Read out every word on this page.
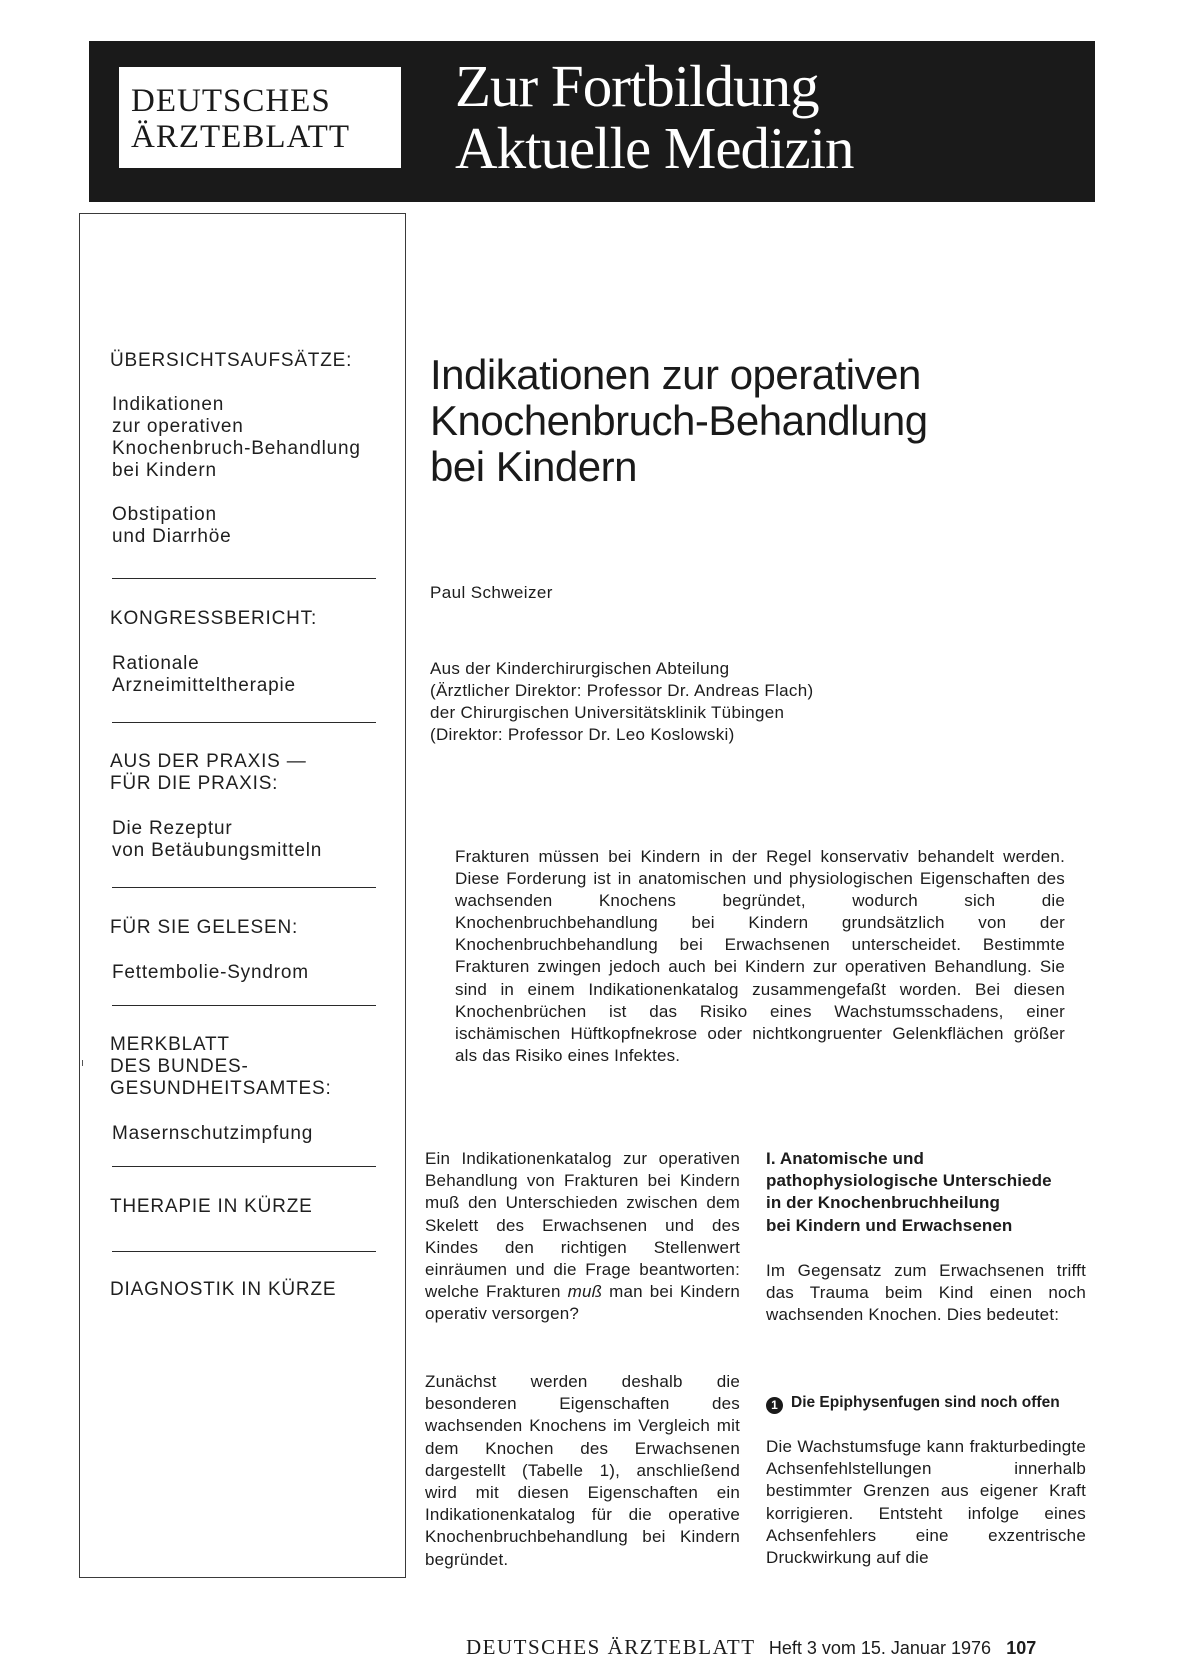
DEUTSCHES
ÄRZTEBLATT
Zur Fortbildung
Aktuelle Medizin
ÜBERSICHTSAUFSÄTZE:
Indikationen
zur operativen
Knochenbruch-Behandlung
bei Kindern
Obstipation
und Diarrhöe
KONGRESSBERICHT:
Rationale
Arzneimitteltherapie
AUS DER PRAXIS —
FÜR DIE PRAXIS:
Die Rezeptur
von Betäubungsmitteln
FÜR SIE GELESEN:
Fettembolie-Syndrom
MERKBLATT
DES BUNDES-
GESUNDHEITSAMTES:
Masernschutzimpfung
THERAPIE IN KÜRZE
DIAGNOSTIK IN KÜRZE
Indikationen zur operativen
Knochenbruch-Behandlung
bei Kindern
Paul Schweizer
Aus der Kinderchirurgischen Abteilung
(Ärztlicher Direktor: Professor Dr. Andreas Flach)
der Chirurgischen Universitätsklinik Tübingen
(Direktor: Professor Dr. Leo Koslowski)
Frakturen müssen bei Kindern in der Regel konservativ behandelt werden. Diese Forderung ist in anatomischen und physiologischen Eigenschaften des wachsenden Knochens begründet, wodurch sich die Knochenbruchbehandlung bei Kindern grundsätzlich von der Knochenbruchbehandlung bei Erwachsenen unterscheidet. Bestimmte Frakturen zwingen jedoch auch bei Kindern zur operativen Behandlung. Sie sind in einem Indikationenkatalog zusammengefaßt worden. Bei diesen Knochenbrüchen ist das Risiko eines Wachstumsschadens, einer ischämischen Hüftkopfnekrose oder nichtkongruenter Gelenkflächen größer als das Risiko eines Infektes.
Ein Indikationenkatalog zur operativen Behandlung von Frakturen bei Kindern muß den Unterschieden zwischen dem Skelett des Erwachsenen und des Kindes den richtigen Stellenwert einräumen und die Frage beantworten: welche Frakturen muß man bei Kindern operativ versorgen?
Zunächst werden deshalb die besonderen Eigenschaften des wachsenden Knochens im Vergleich mit dem Knochen des Erwachsenen dargestellt (Tabelle 1), anschließend wird mit diesen Eigenschaften ein Indikationenkatalog für die operative Knochenbruchbehandlung bei Kindern begründet.
I. Anatomische und
pathophysiologische Unterschiede
in der Knochenbruchheilung
bei Kindern und Erwachsenen
Im Gegensatz zum Erwachsenen trifft das Trauma beim Kind einen noch wachsenden Knochen. Dies bedeutet:
1 Die Epiphysenfugen sind noch offen
Die Wachstumsfuge kann frakturbedingte Achsenfehlstellungen innerhalb bestimmter Grenzen aus eigener Kraft korrigieren. Entsteht infolge eines Achsenfehlers eine exzentrische Druckwirkung auf die
DEUTSCHES ÄRZTEBLATT Heft 3 vom 15. Januar 1976 107
